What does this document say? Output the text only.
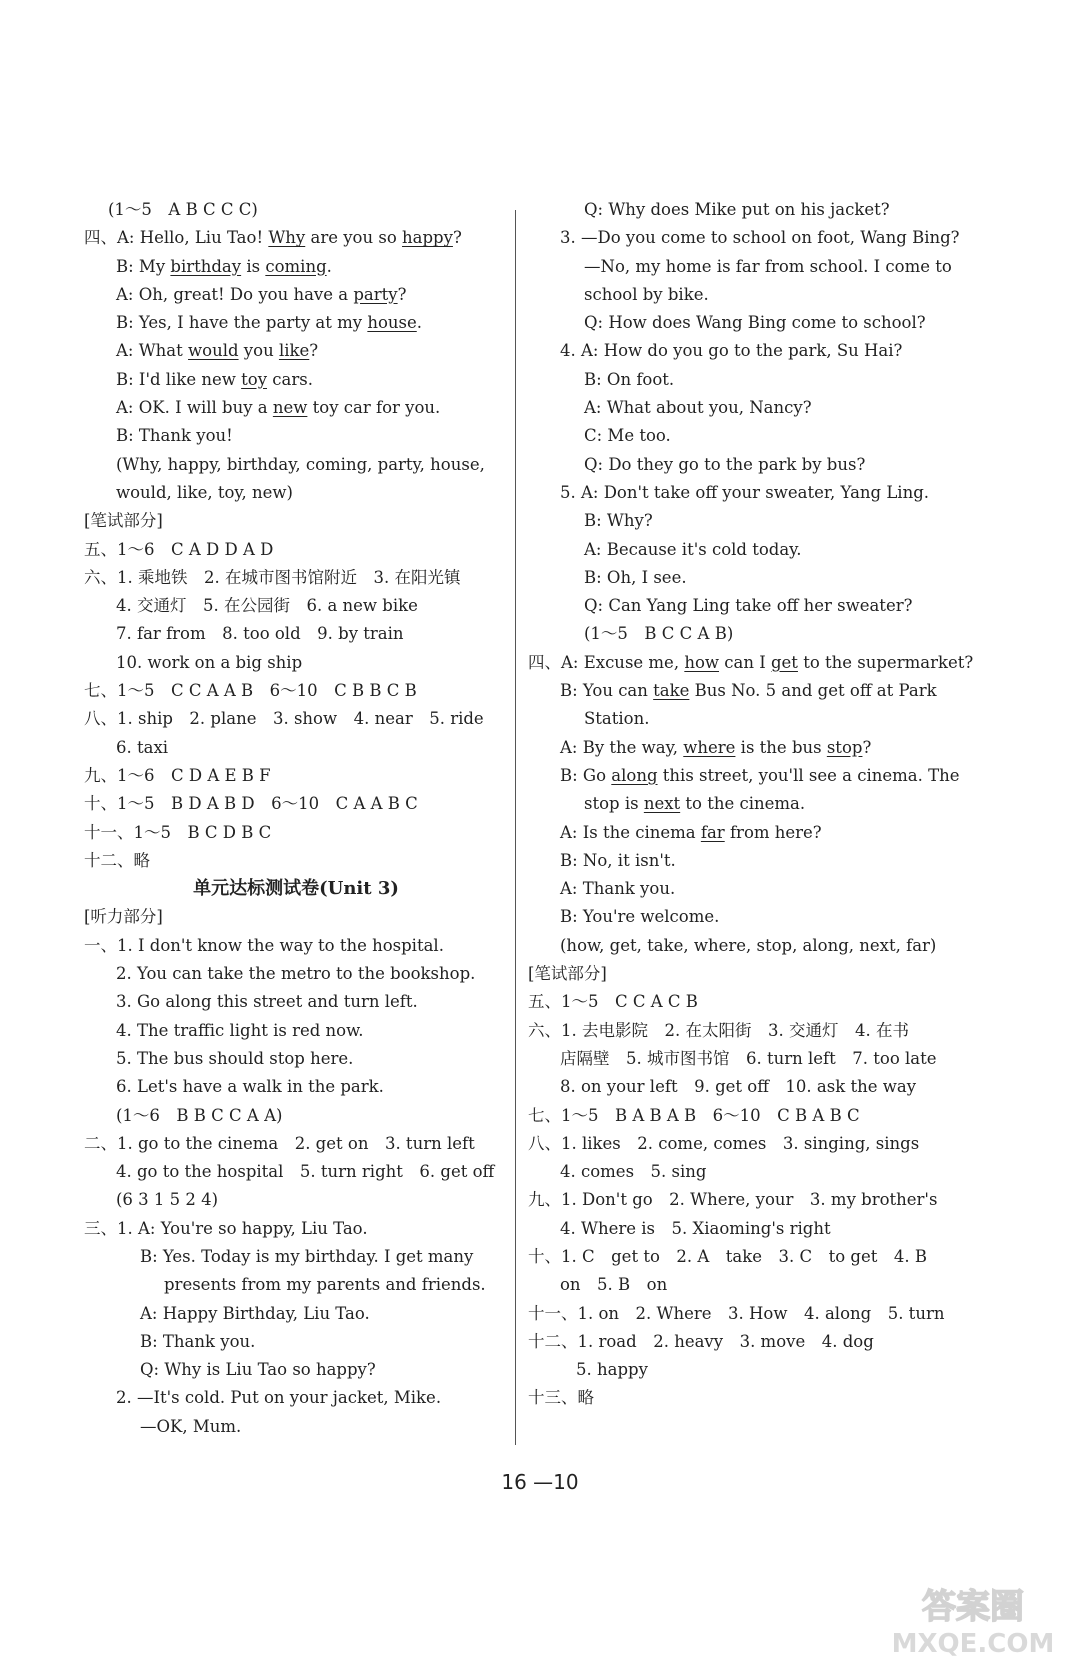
(1～5　A B C C C)
四、A: Hello, Liu Tao! Why are you so happy?
B: My birthday is coming.
A: Oh, great! Do you have a party?
B: Yes, I have the party at my house.
A: What would you like?
B: I'd like new toy cars.
A: OK. I will buy a new toy car for you.
B: Thank you!
(Why, happy, birthday, coming, party, house,
would, like, toy, new)
[笔试部分]
五、1～6　C A D D A D
六、1. 乘地铁　2. 在城市图书馆附近　3. 在阳光镇
4. 交通灯　5. 在公园街　6. a new bike
7. far from　8. too old　9. by train
10. work on a big ship
七、1～5　C C A A B　6～10　C B B C B
八、1. ship　2. plane　3. show　4. near　5. ride
6. taxi
九、1～6　C D A E B F
十、1～5　B D A B D　6～10　C A A B C
十一、1～5　B C D B C
十二、略
单元达标测试卷(Unit 3)
[听力部分]
一、1. I don't know the way to the hospital.
2. You can take the metro to the bookshop.
3. Go along this street and turn left.
4. The traffic light is red now.
5. The bus should stop here.
6. Let's have a walk in the park.
(1～6　B B C C A A)
二、1. go to the cinema　2. get on　3. turn left
4. go to the hospital　5. turn right　6. get off
(6 3 1 5 2 4)
三、1. A: You're so happy, Liu Tao.
B: Yes. Today is my birthday. I get many
presents from my parents and friends.
A: Happy Birthday, Liu Tao.
B: Thank you.
Q: Why is Liu Tao so happy?
2. —It's cold. Put on your jacket, Mike.
—OK, Mum.
Q: Why does Mike put on his jacket?
3. —Do you come to school on foot, Wang Bing?
—No, my home is far from school. I come to
school by bike.
Q: How does Wang Bing come to school?
4. A: How do you go to the park, Su Hai?
B: On foot.
A: What about you, Nancy?
C: Me too.
Q: Do they go to the park by bus?
5. A: Don't take off your sweater, Yang Ling.
B: Why?
A: Because it's cold today.
B: Oh, I see.
Q: Can Yang Ling take off her sweater?
(1～5　B C C A B)
四、A: Excuse me, how can I get to the supermarket?
B: You can take Bus No. 5 and get off at Park
Station.
A: By the way, where is the bus stop?
B: Go along this street, you'll see a cinema. The
stop is next to the cinema.
A: Is the cinema far from here?
B: No, it isn't.
A: Thank you.
B: You're welcome.
(how, get, take, where, stop, along, next, far)
[笔试部分]
五、1～5　C C A C B
六、1. 去电影院　2. 在太阳街　3. 交通灯　4. 在书
店隔壁　5. 城市图书馆　6. turn left　7. too late
8. on your left　9. get off　10. ask the way
七、1～5　B A B A B　6～10　C B A B C
八、1. likes　2. come, comes　3. singing, sings
4. comes　5. sing
九、1. Don't go　2. Where, your　3. my brother's
4. Where is　5. Xiaoming's right
十、1. C　get to　2. A　take　3. C　to get　4. B
on　5. B　on
十一、1. on　2. Where　3. How　4. along　5. turn
十二、1. road　2. heavy　3. move　4. dog
5. happy
十三、略
16 —10
答案圈
MXQE.COM
